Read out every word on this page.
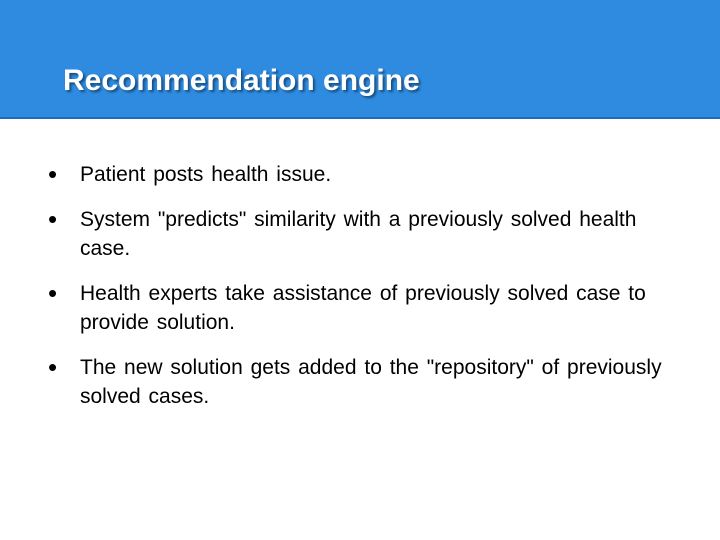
Recommendation engine
•	Patient posts health issue.
•	System "predicts" similarity with a previously solved health case.
•	Health experts take assistance of previously solved case to provide solution.
•	The new solution gets added to the "repository" of previously solved cases.
